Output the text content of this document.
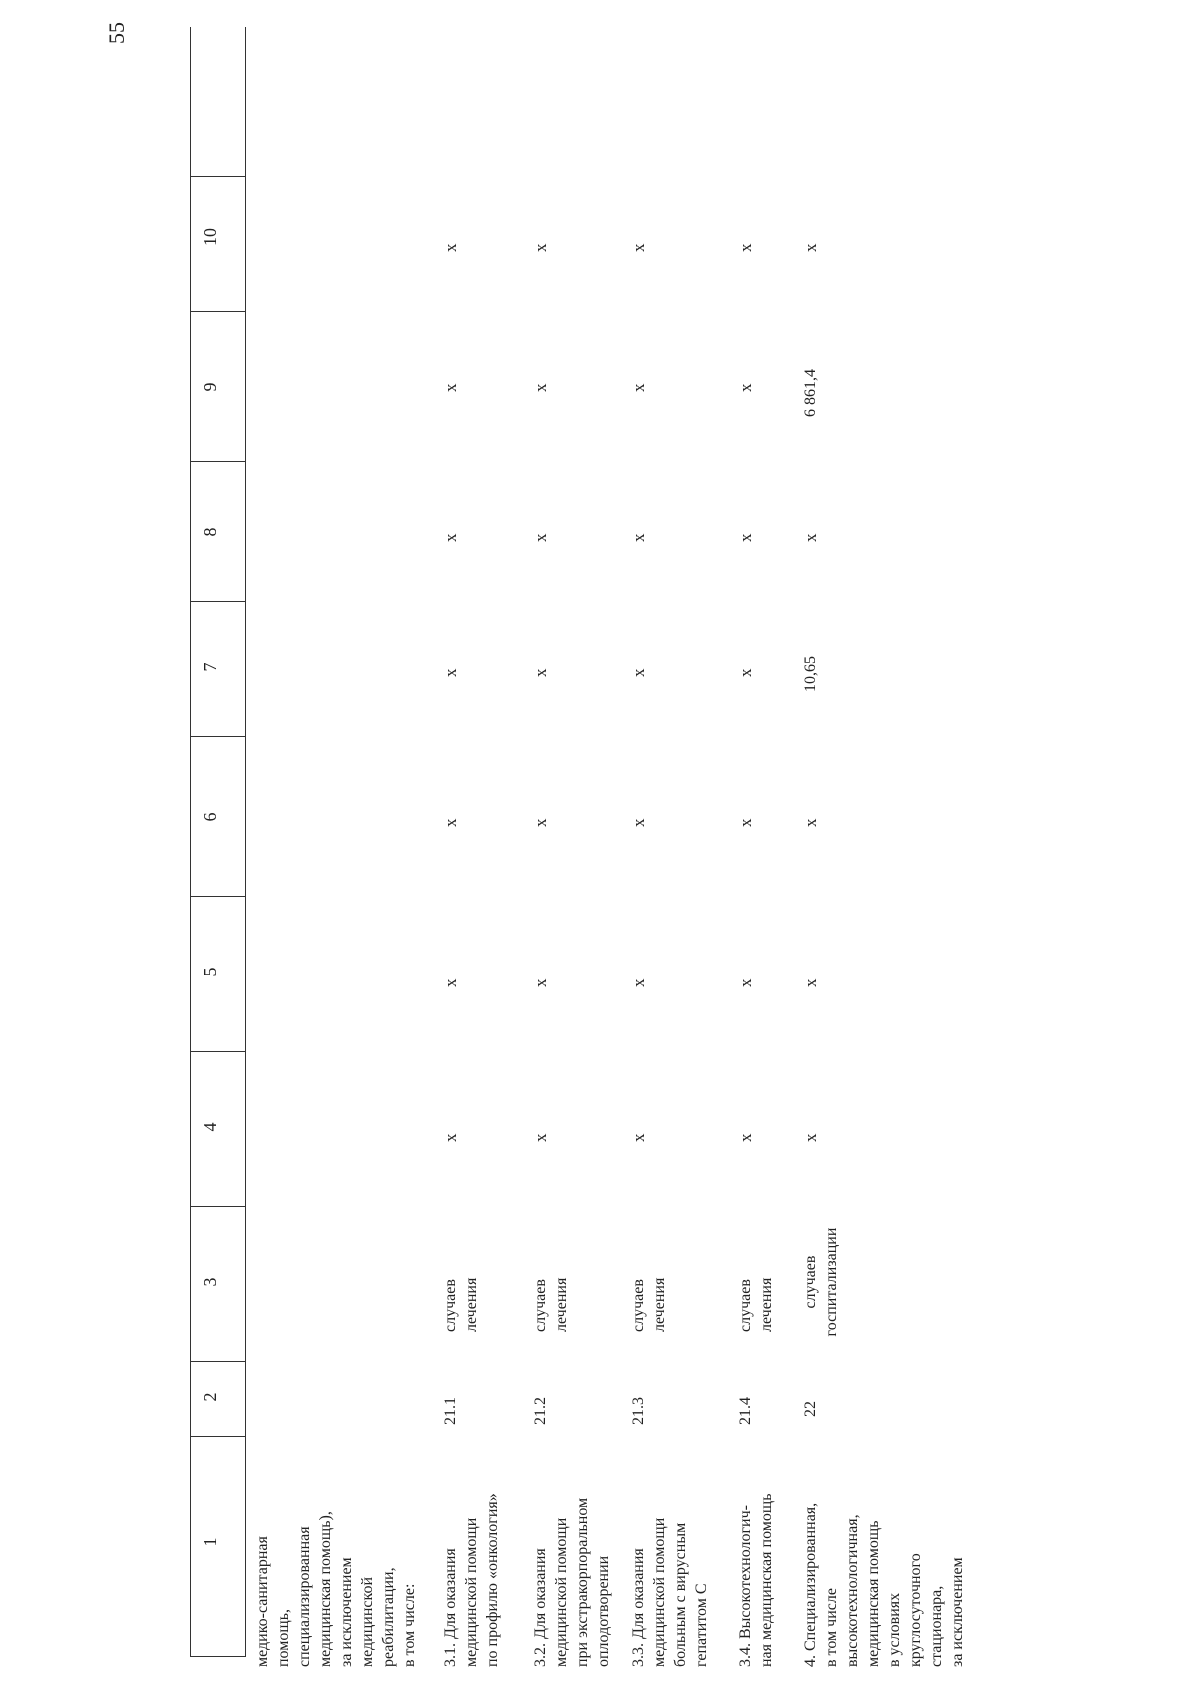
55
1
2
3
4
5
6
7
8
9
10
медико-санитарная помощь, специализированная медицинская помощь), за исключением медицинской реабилитации, в том числе: 3.1. Для оказания медицинской помощи по профилю «онкология»
21.1
случаев лечения
x
x
x
x
x
x
x
3.2. Для оказания медицинской помощи при экстракорпоральном оплодотворении
21.2
случаев лечения
x
x
x
x
x
x
x
3.3. Для оказания медицинской помощи больным с вирусным гепатитом С
21.3
случаев лечения
x
x
x
x
x
x
x
3.4. Высокотехнологич- ная медицинская помощь
21.4
случаев лечения
x
x
x
x
x
x
x
4. Специализированная, в том числе высокотехнологичная, медицинская помощь в условиях круглосуточного стационара, за исключением
22
случаев госпитализации
x
x
x
10,65
x
6 861,4
x
